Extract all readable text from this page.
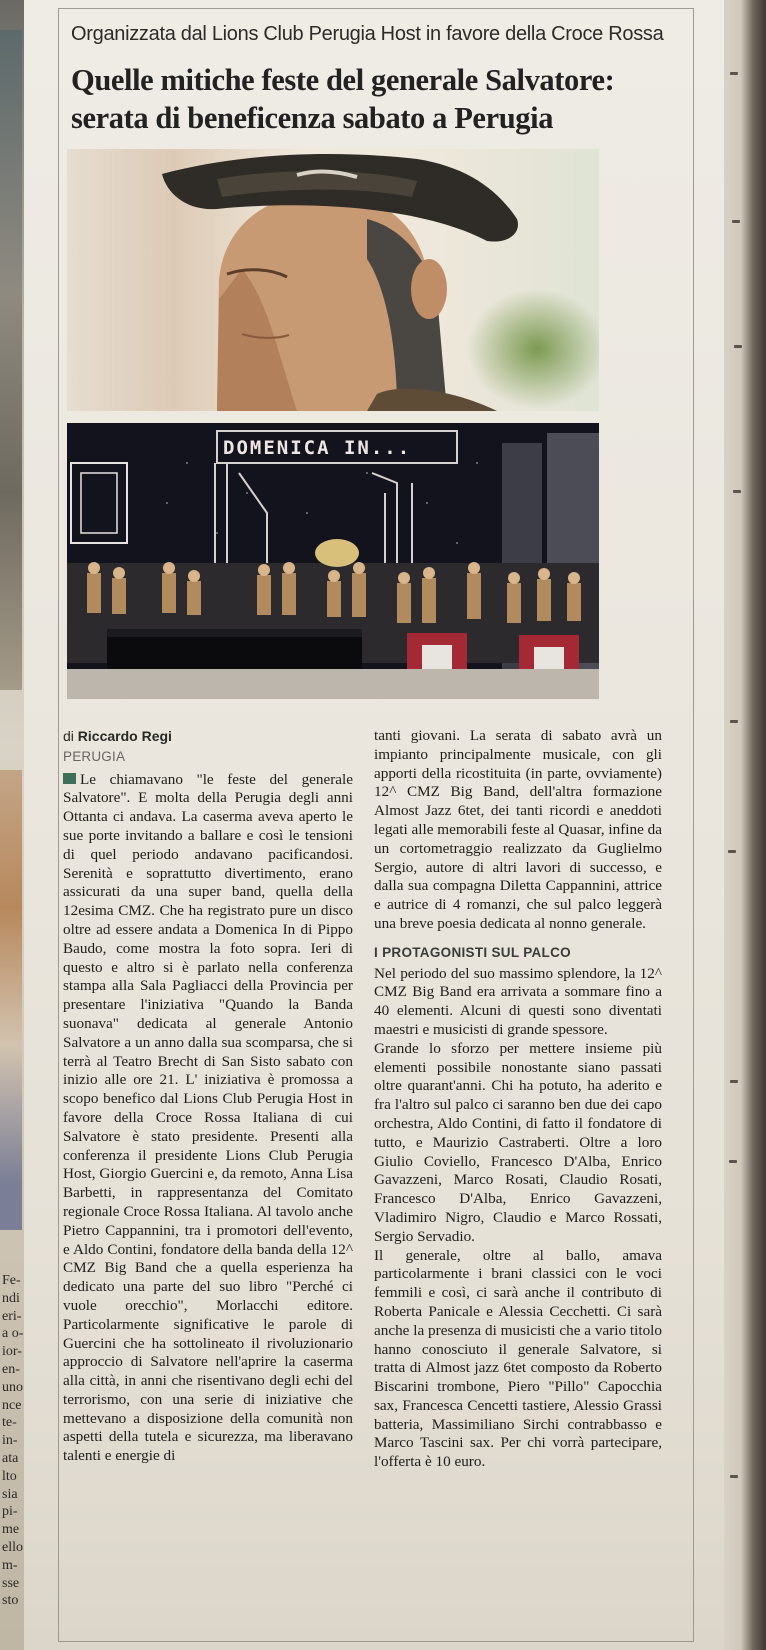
Fe-
ndi
eri-
a o-
ior-
en-
uno
nce
te-
in-
ata
lto
sia
pi-
me
ello
m-
sse
sto
Organizzata dal Lions Club Perugia Host in favore della Croce Rossa
Quelle mitiche feste del generale Salvatore: serata di beneficenza sabato a Perugia
DOMENICA IN...
di Riccardo Regi
PERUGIA

Le chiamavano "le feste del generale Salvatore". E molta della Perugia degli anni Ottanta ci andava. La caserma aveva aperto le sue porte invitando a ballare e così le tensioni di quel periodo andavano pacificandosi. Serenità e soprattutto divertimento, erano assicurati da una super band, quella della 12esima CMZ. Che ha registrato pure un disco oltre ad essere andata a Domenica In di Pippo Baudo, come mostra la foto sopra. Ieri di questo e altro si è parlato nella conferenza stampa alla Sala Pagliacci della Provincia per presentare l'iniziativa "Quando la Banda suonava" dedicata al generale Antonio Salvatore a un anno dalla sua scomparsa, che si terrà al Teatro Brecht di San Sisto sabato con inizio alle ore 21. L' iniziativa è promossa a scopo benefico dal Lions Club Perugia Host in favore della Croce Rossa Italiana di cui Salvatore è stato presidente. Presenti alla conferenza il presidente Lions Club Perugia Host, Giorgio Guercini e, da remoto, Anna Lisa Barbetti, in rappresentanza del Comitato regionale Croce Rossa Italiana. Al tavolo anche Pietro Cappannini, tra i promotori dell'evento, e Aldo Contini, fondatore della banda della 12^ CMZ Big Band che a quella esperienza ha dedicato una parte del suo libro "Perché ci vuole orecchio", Morlacchi editore. Particolarmente significative le parole di Guercini che ha sottolineato il rivoluzionario approccio di Salvatore nell'aprire la caserma alla città, in anni che risentivano degli echi del terrorismo, con una serie di iniziative che mettevano a disposizione della comunità non aspetti della tutela e sicurezza, ma liberavano talenti e energie di

tanti giovani. La serata di sabato avrà un impianto principalmente musicale, con gli apporti della ricostituita (in parte, ovviamente) 12^ CMZ Big Band, dell'altra formazione Almost Jazz 6tet, dei tanti ricordi e aneddoti legati alle memorabili feste al Quasar, infine da un cortometraggio realizzato da Guglielmo Sergio, autore di altri lavori di successo, e dalla sua compagna Diletta Cappannini, attrice e autrice di 4 romanzi, che sul palco leggerà una breve poesia dedicata al nonno generale.

I PROTAGONISTI SUL PALCO

Nel periodo del suo massimo splendore, la 12^ CMZ Big Band era arrivata a sommare fino a 40 elementi. Alcuni di questi sono diventati maestri e musicisti di grande spessore.

Grande lo sforzo per mettere insieme più elementi possibile nonostante siano passati oltre quarant'anni. Chi ha potuto, ha aderito e fra l'altro sul palco ci saranno ben due dei capo orchestra, Aldo Contini, di fatto il fondatore di tutto, e Maurizio Castraberti. Oltre a loro Giulio Coviello, Francesco D'Alba, Enrico Gavazzeni, Marco Rosati, Claudio Rosati, Francesco D'Alba, Enrico Gavazzeni, Vladimiro Nigro, Claudio e Marco Rossati, Sergio Servadio.

Il generale, oltre al ballo, amava particolarmente i brani classici con le voci femmili e così, ci sarà anche il contributo di Roberta Panicale e Alessia Cecchetti. Ci sarà anche la presenza di musicisti che a vario titolo hanno conosciuto il generale Salvatore, si tratta di Almost jazz 6tet composto da Roberto Biscarini trombone, Piero "Pillo" Capocchia sax, Francesca Cencetti tastiere, Alessio Grassi batteria, Massimiliano Sirchi contrabbasso e Marco Tascini sax. Per chi vorrà partecipare, l'offerta è 10 euro.
